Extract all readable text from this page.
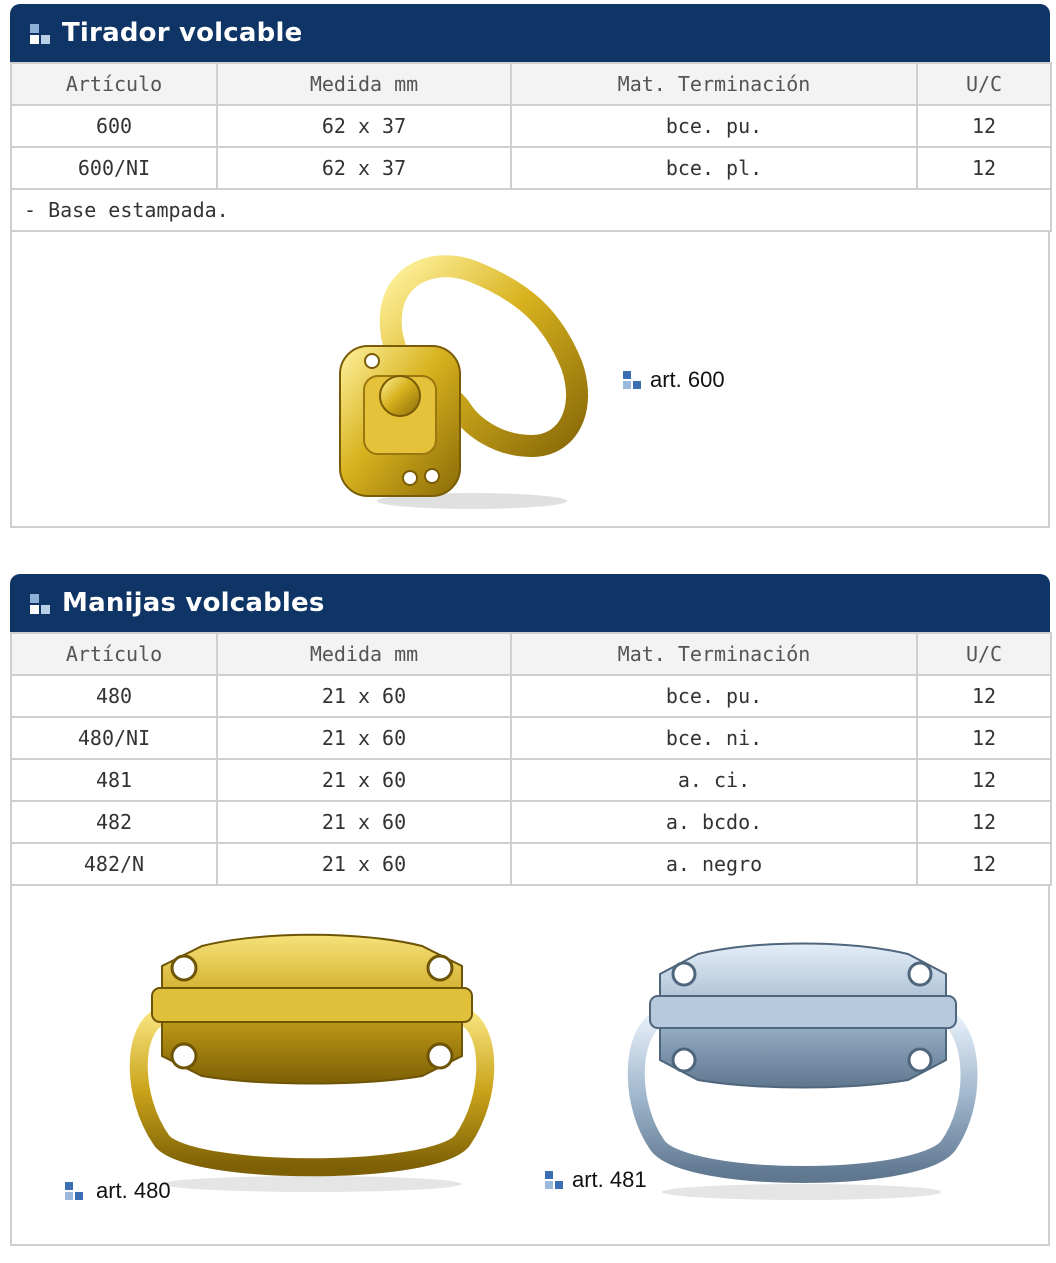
Tirador volcable
Artículo	Medida mm	Mat. Terminación	U/C
600	62 x 37	bce. pu.	12
600/NI	62 x 37	bce. pl.	12
- Base estampada.			
art. 600
Manijas volcables
Artículo	Medida mm	Mat. Terminación	U/C
480	21 x 60	bce. pu.	12
480/NI	21 x 60	bce. ni.	12
481	21 x 60	a. ci.	12
482	21 x 60	a. bcdo.	12
482/N	21 x 60	a. negro	12
art. 480	art. 481
